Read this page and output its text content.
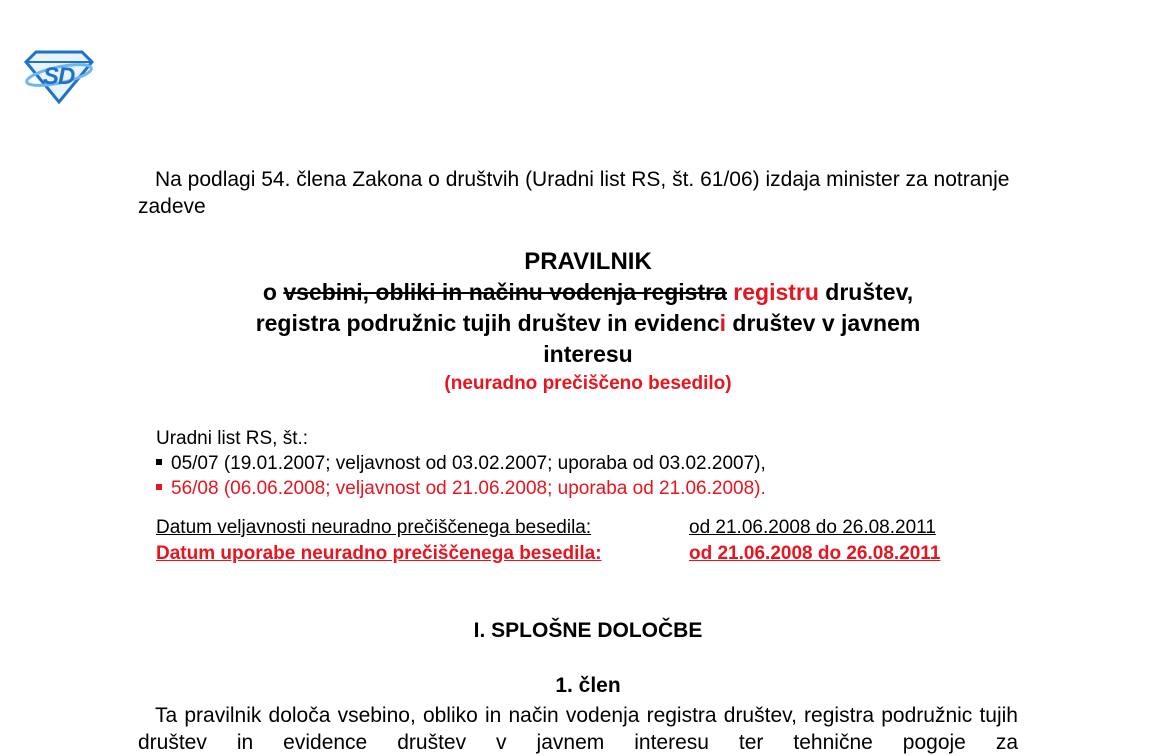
S
D
Na podlagi 54. člena Zakona o društvih (Uradni list RS, št. 61/06) izdaja minister za notranje zadeve
PRAVILNIK
o vsebini, obliki in načinu vodenja registra registru društev,
registra podružnic tujih društev in evidenci društev v javnem
interesu
(neuradno prečiščeno besedilo)
Uradni list RS, št.:
05/07 (19.01.2007; veljavnost od 03.02.2007; uporaba od 03.02.2007),
56/08 (06.06.2008; veljavnost od 21.06.2008; uporaba od 21.06.2008).
Datum veljavnosti neuradno prečiščenega besedila:	od 21.06.2008 do 26.08.2011
Datum uporabe neuradno prečiščenega besedila:	od 21.06.2008 do 26.08.2011
I. SPLOŠNE DOLOČBE
1. člen
Ta pravilnik določa vsebino, obliko in način vodenja registra društev, registra podružnic tujih društev in evidence društev v javnem interesu ter tehnične pogoje za
